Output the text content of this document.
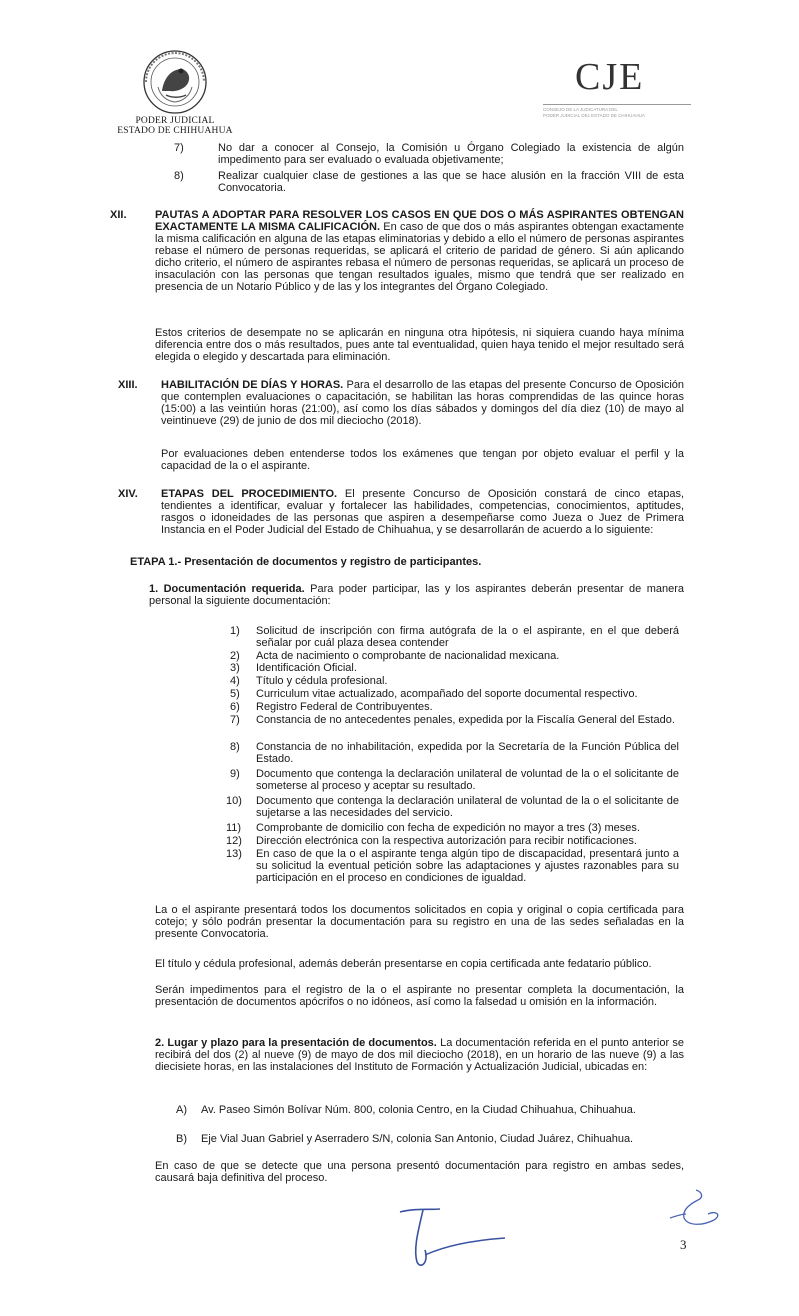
PODER JUDICIAL
ESTADO DE CHIHUAHUA
CJE
CONSEJO DE LA JUDICATURA DEL
PODER JUDICIAL DEL ESTADO DE CHIHUAHUA
7)	No dar a conocer al Consejo, la Comisión u Órgano Colegiado la existencia de algún impedimento para ser evaluado o evaluada objetivamente;
8)	Realizar cualquier clase de gestiones a las que se hace alusión en la fracción VIII de esta Convocatoria.
XII.	PAUTAS A ADOPTAR PARA RESOLVER LOS CASOS EN QUE DOS O MÁS ASPIRANTES OBTENGAN EXACTAMENTE LA MISMA CALIFICACIÓN. En caso de que dos o más aspirantes obtengan exactamente la misma calificación en alguna de las etapas eliminatorias y debido a ello el número de personas aspirantes rebase el número de personas requeridas, se aplicará el criterio de paridad de género. Si aún aplicando dicho criterio, el número de aspirantes rebasa el número de personas requeridas, se aplicará un proceso de insaculación con las personas que tengan resultados iguales, mismo que tendrá que ser realizado en presencia de un Notario Público y de las y los integrantes del Órgano Colegiado.
Estos criterios de desempate no se aplicarán en ninguna otra hipótesis, ni siquiera cuando haya mínima diferencia entre dos o más resultados, pues ante tal eventualidad, quien haya tenido el mejor resultado será elegida o elegido y descartada para eliminación.
XIII. HABILITACIÓN DE DÍAS Y HORAS. Para el desarrollo de las etapas del presente Concurso de Oposición que contemplen evaluaciones o capacitación, se habilitan las horas comprendidas de las quince horas (15:00) a las veintiún horas (21:00), así como los días sábados y domingos del día diez (10) de mayo al veintinueve (29) de junio de dos mil dieciocho (2018).
Por evaluaciones deben entenderse todos los exámenes que tengan por objeto evaluar el perfil y la capacidad de la o el aspirante.
XIV. ETAPAS DEL PROCEDIMIENTO. El presente Concurso de Oposición constará de cinco etapas, tendientes a identificar, evaluar y fortalecer las habilidades, competencias, conocimientos, aptitudes, rasgos o idoneidades de las personas que aspiren a desempeñarse como Jueza o Juez de Primera Instancia en el Poder Judicial del Estado de Chihuahua, y se desarrollarán de acuerdo a lo siguiente:
ETAPA 1.- Presentación de documentos y registro de participantes.
1. Documentación requerida. Para poder participar, las y los aspirantes deberán presentar de manera personal la siguiente documentación:
1) Solicitud de inscripción con firma autógrafa de la o el aspirante, en el que deberá señalar por cuál plaza desea contender
2) Acta de nacimiento o comprobante de nacionalidad mexicana.
3) Identificación Oficial.
4) Título y cédula profesional.
5) Curriculum vitae actualizado, acompañado del soporte documental respectivo.
6) Registro Federal de Contribuyentes.
7) Constancia de no antecedentes penales, expedida por la Fiscalía General del Estado.
8) Constancia de no inhabilitación, expedida por la Secretaría de la Función Pública del Estado.
9) Documento que contenga la declaración unilateral de voluntad de la o el solicitante de someterse al proceso y aceptar su resultado.
10) Documento que contenga la declaración unilateral de voluntad de la o el solicitante de sujetarse a las necesidades del servicio.
11) Comprobante de domicilio con fecha de expedición no mayor a tres (3) meses.
12) Dirección electrónica con la respectiva autorización para recibir notificaciones.
13) En caso de que la o el aspirante tenga algún tipo de discapacidad, presentará junto a su solicitud la eventual petición sobre las adaptaciones y ajustes razonables para su participación en el proceso en condiciones de igualdad.
La o el aspirante presentará todos los documentos solicitados en copia y original o copia certificada para cotejo; y sólo podrán presentar la documentación para su registro en una de las sedes señaladas en la presente Convocatoria.
El título y cédula profesional, además deberán presentarse en copia certificada ante fedatario público.
Serán impedimentos para el registro de la o el aspirante no presentar completa la documentación, la presentación de documentos apócrifos o no idóneos, así como la falsedad u omisión en la información.
2. Lugar y plazo para la presentación de documentos. La documentación referida en el punto anterior se recibirá del dos (2) al nueve (9) de mayo de dos mil dieciocho (2018), en un horario de las nueve (9) a las diecisiete horas, en las instalaciones del Instituto de Formación y Actualización Judicial, ubicadas en:
A) Av. Paseo Simón Bolívar Núm. 800, colonia Centro, en la Ciudad Chihuahua, Chihuahua.
B) Eje Vial Juan Gabriel y Aserradero S/N, colonia San Antonio, Ciudad Juárez, Chihuahua.
En caso de que se detecte que una persona presentó documentación para registro en ambas sedes, causará baja definitiva del proceso.
3
